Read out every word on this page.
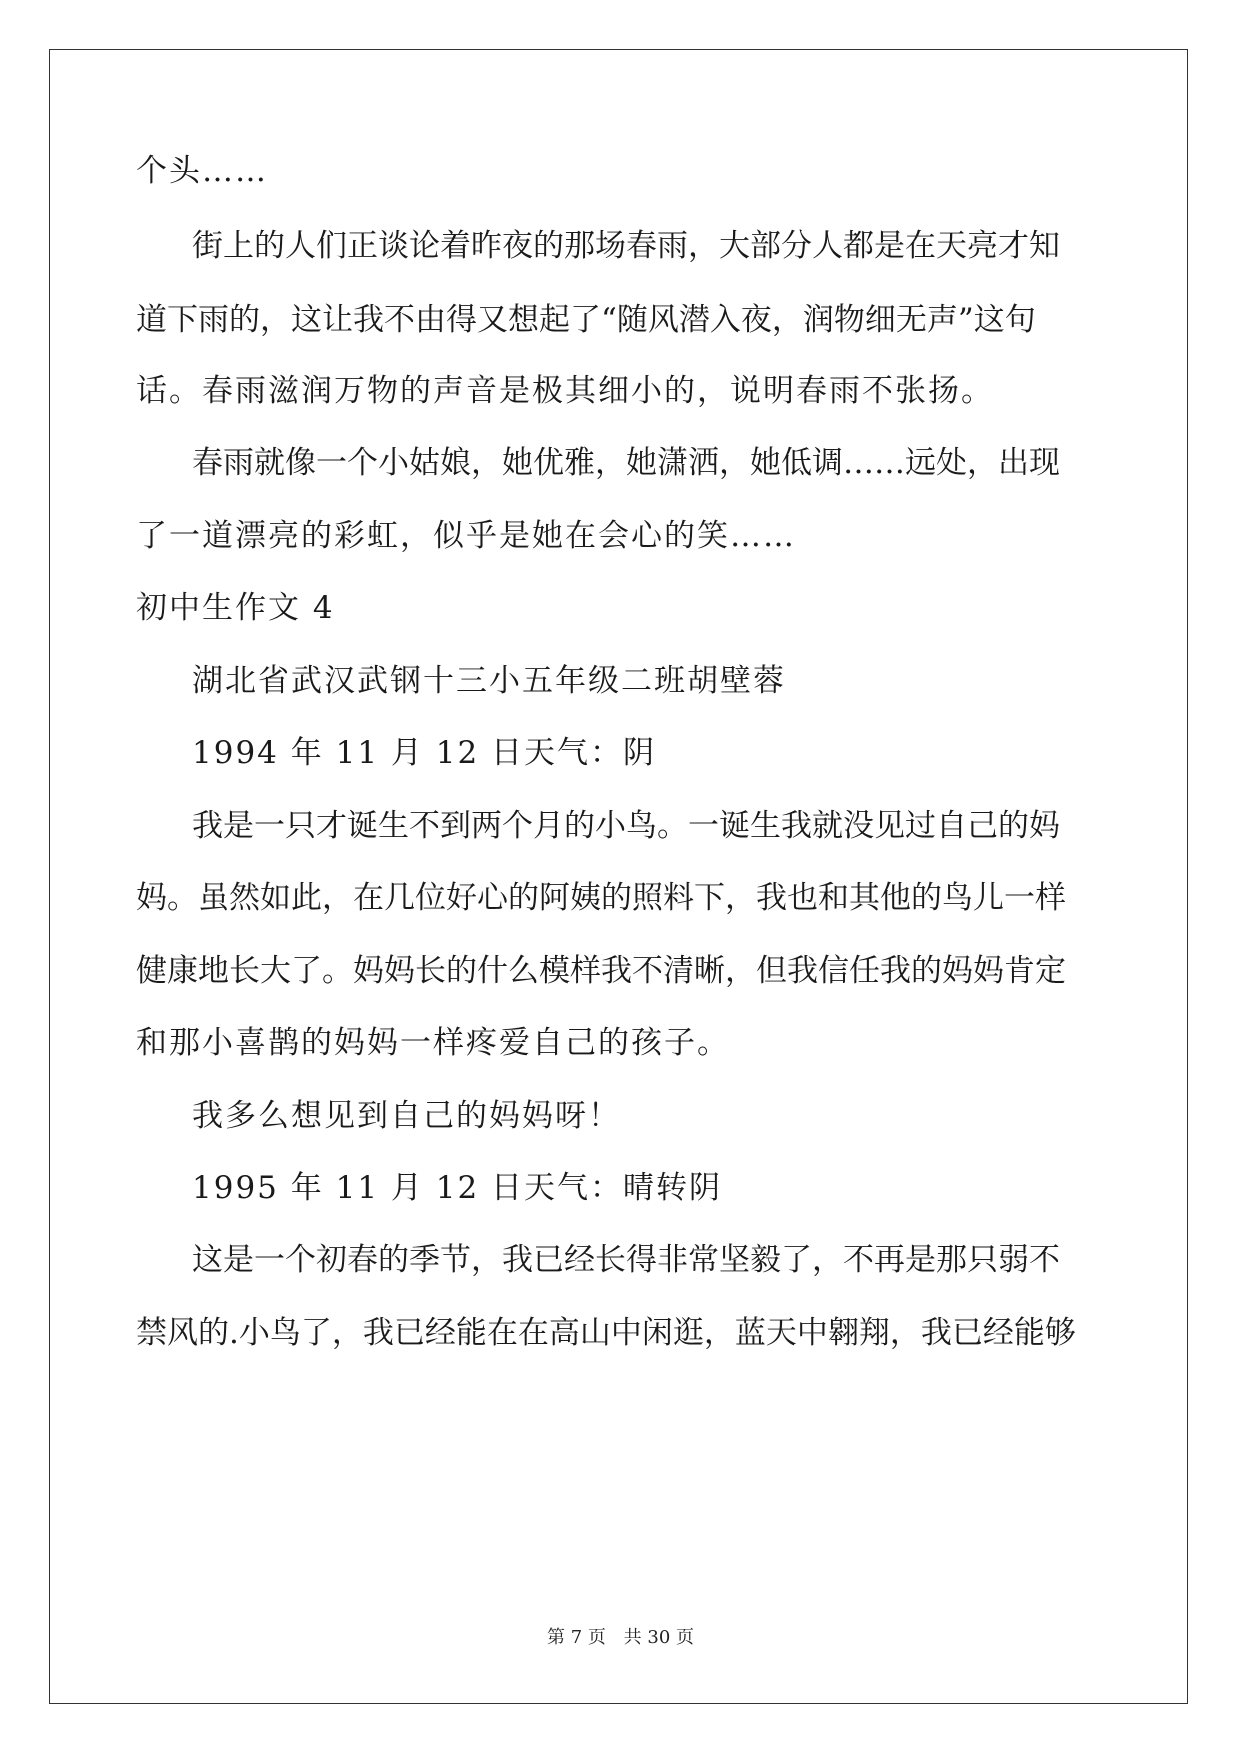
个头……
街上的人们正谈论着昨夜的那场春雨，大部分人都是在天亮才知
道下雨的，这让我不由得又想起了“随风潜入夜，润物细无声”这句
话。春雨滋润万物的声音是极其细小的，说明春雨不张扬。
春雨就像一个小姑娘，她优雅，她潇洒，她低调……远处，出现
了一道漂亮的彩虹，似乎是她在会心的笑……
初中生作文 4
湖北省武汉武钢十三小五年级二班胡壁蓉
1994 年 11 月 12 日天气：阴
我是一只才诞生不到两个月的小鸟。一诞生我就没见过自己的妈
妈。虽然如此，在几位好心的阿姨的照料下，我也和其他的鸟儿一样
健康地长大了。妈妈长的什么模样我不清晰，但我信任我的妈妈肯定
和那小喜鹊的妈妈一样疼爱自己的孩子。
我多么想见到自己的妈妈呀！
1995 年 11 月 12 日天气：晴转阴
这是一个初春的季节，我已经长得非常坚毅了，不再是那只弱不
禁风的.小鸟了，我已经能在在高山中闲逛，蓝天中翱翔，我已经能够
第 7 页 共 30 页
